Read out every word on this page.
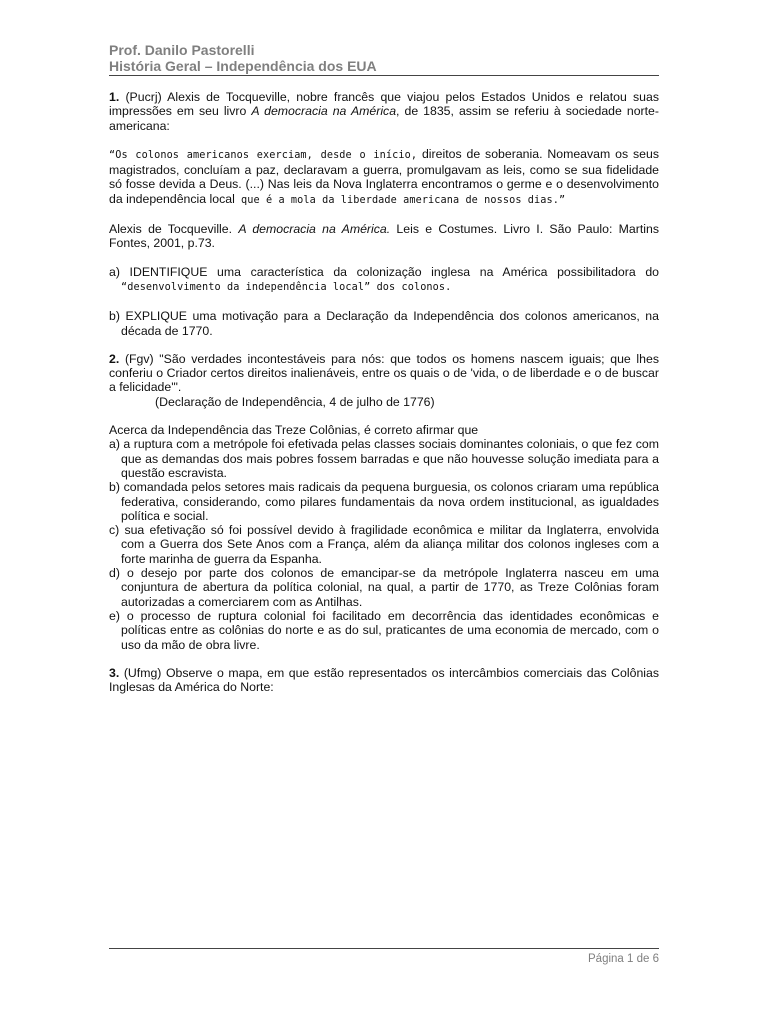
Prof. Danilo Pastorelli
História Geral – Independência dos EUA

1. (Pucrj) Alexis de Tocqueville, nobre francês que viajou pelos Estados Unidos e relatou suas impressões em seu livro A democracia na América, de 1835, assim se referiu à sociedade norte-americana:

“Os colonos americanos exerciam, desde o início, direitos de soberania. Nomeavam os seus magistrados, concluíam a paz, declaravam a guerra, promulgavam as leis, como se sua fidelidade só fosse devida a Deus. (...) Nas leis da Nova Inglaterra encontramos o germe e o desenvolvimento da independência local que é a mola da liberdade americana de nossos dias.”

Alexis de Tocqueville. A democracia na América. Leis e Costumes. Livro I. São Paulo: Martins Fontes, 2001, p.73.

a) IDENTIFIQUE uma característica da colonização inglesa na América possibilitadora do “desenvolvimento da independência local” dos colonos.

b) EXPLIQUE uma motivação para a Declaração da Independência dos colonos americanos, na década de 1770.

2. (Fgv) "São verdades incontestáveis para nós: que todos os homens nascem iguais; que lhes conferiu o Criador certos direitos inalienáveis, entre os quais o de 'vida, o de liberdade e o de buscar a felicidade'".

(Declaração de Independência, 4 de julho de 1776)

Acerca da Independência das Treze Colônias, é correto afirmar que

a) a ruptura com a metrópole foi efetivada pelas classes sociais dominantes coloniais, o que fez com que as demandas dos mais pobres fossem barradas e que não houvesse solução imediata para a questão escravista.

b) comandada pelos setores mais radicais da pequena burguesia, os colonos criaram uma república federativa, considerando, como pilares fundamentais da nova ordem institucional, as igualdades política e social.

c) sua efetivação só foi possível devido à fragilidade econômica e militar da Inglaterra, envolvida com a Guerra dos Sete Anos com a França, além da aliança militar dos colonos ingleses com a forte marinha de guerra da Espanha.

d) o desejo por parte dos colonos de emancipar-se da metrópole Inglaterra nasceu em uma conjuntura de abertura da política colonial, na qual, a partir de 1770, as Treze Colônias foram autorizadas a comerciarem com as Antilhas.

e) o processo de ruptura colonial foi facilitado em decorrência das identidades econômicas e políticas entre as colônias do norte e as do sul, praticantes de uma economia de mercado, com o uso da mão de obra livre.

3. (Ufmg) Observe o mapa, em que estão representados os intercâmbios comerciais das Colônias Inglesas da América do Norte:

Página 1 de 6
